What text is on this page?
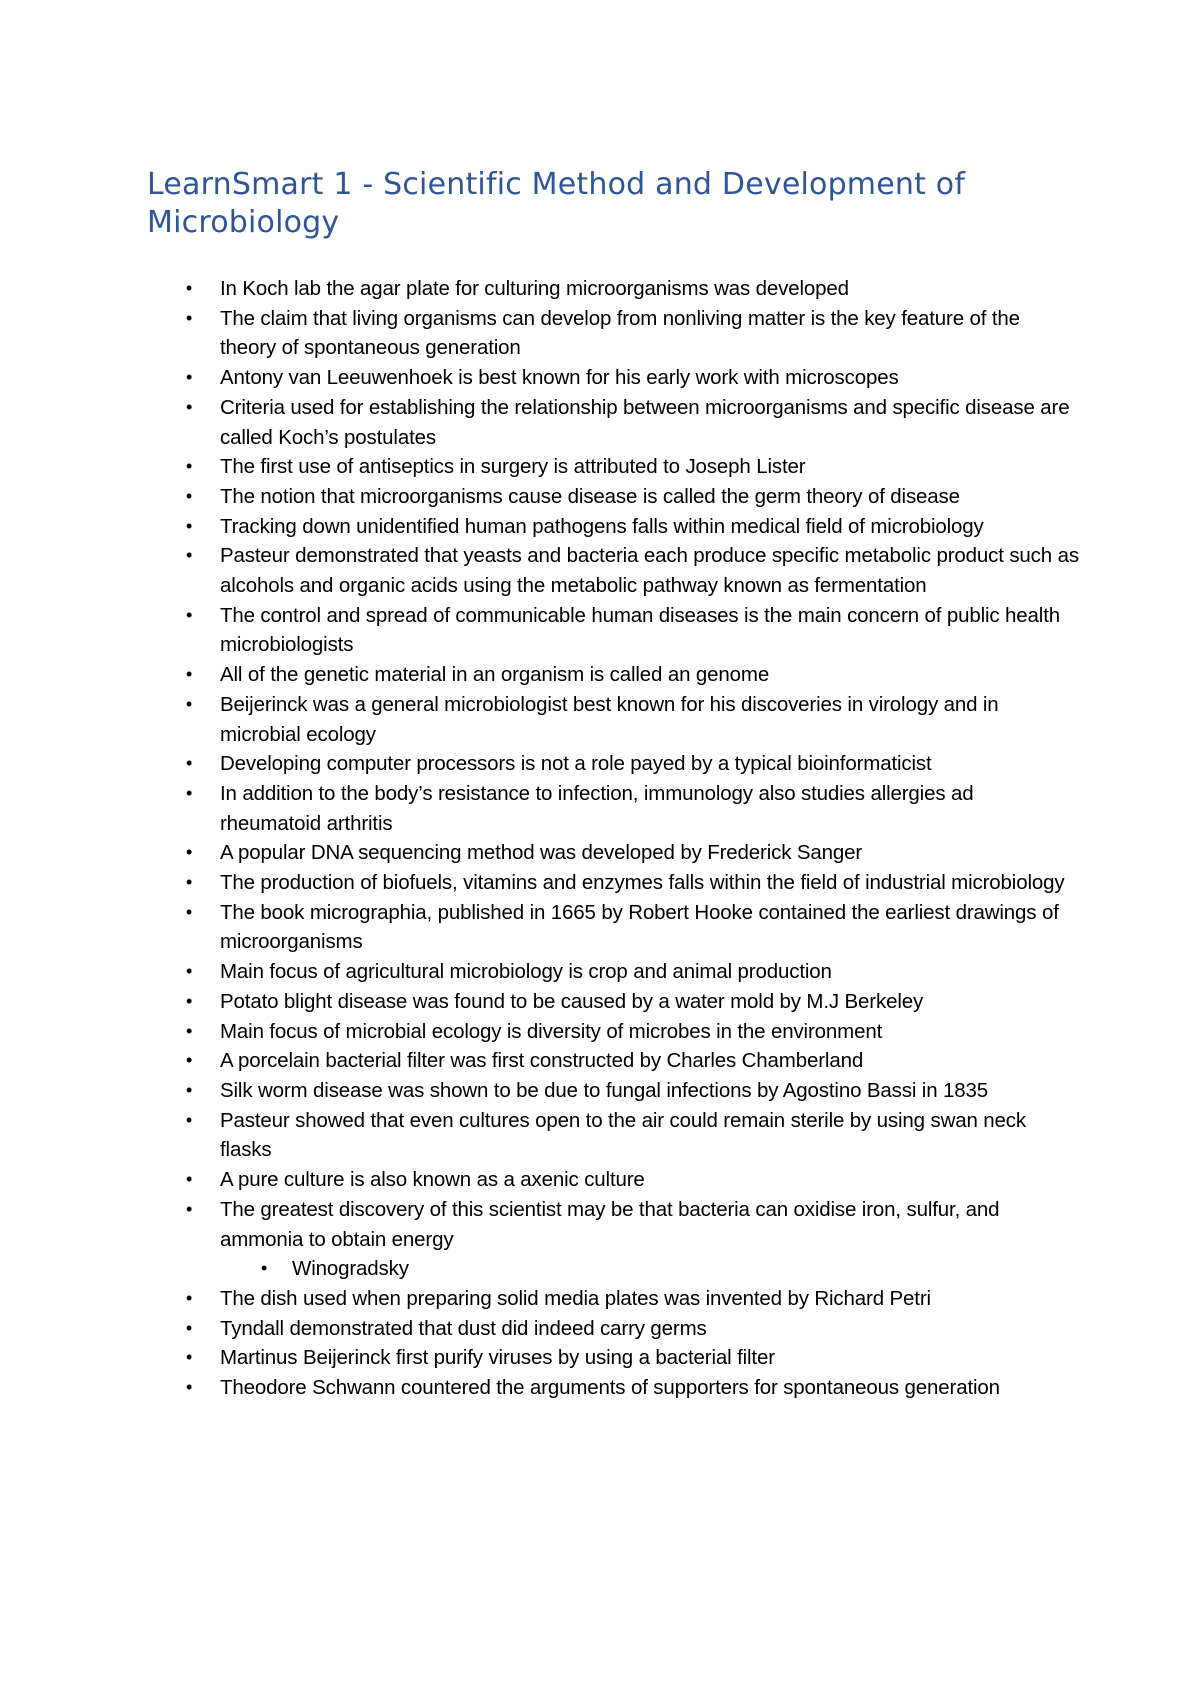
LearnSmart 1 - Scientific Method and Development of Microbiology
• In Koch lab the agar plate for culturing microorganisms was developed
• The claim that living organisms can develop from nonliving matter is the key feature of the theory of spontaneous generation
• Antony van Leeuwenhoek is best known for his early work with microscopes
• Criteria used for establishing the relationship between microorganisms and specific disease are called Koch’s postulates
• The first use of antiseptics in surgery is attributed to Joseph Lister
• The notion that microorganisms cause disease is called the germ theory of disease
• Tracking down unidentified human pathogens falls within medical field of microbiology
• Pasteur demonstrated that yeasts and bacteria each produce specific metabolic product such as alcohols and organic acids using the metabolic pathway known as fermentation
• The control and spread of communicable human diseases is the main concern of public health microbiologists
• All of the genetic material in an organism is called an genome
• Beijerinck was a general microbiologist best known for his discoveries in virology and in microbial ecology
• Developing computer processors is not a role payed by a typical bioinformaticist
• In addition to the body’s resistance to infection, immunology also studies allergies ad rheumatoid arthritis
• A popular DNA sequencing method was developed by Frederick Sanger
• The production of biofuels, vitamins and enzymes falls within the field of industrial microbiology
• The book micrographia, published in 1665 by Robert Hooke contained the earliest drawings of microorganisms
• Main focus of agricultural microbiology is crop and animal production
• Potato blight disease was found to be caused by a water mold by M.J Berkeley
• Main focus of microbial ecology is diversity of microbes in the environment
• A porcelain bacterial filter was first constructed by Charles Chamberland
• Silk worm disease was shown to be due to fungal infections by Agostino Bassi in 1835
• Pasteur showed that even cultures open to the air could remain sterile by using swan neck flasks
• A pure culture is also known as a axenic culture
• The greatest discovery of this scientist may be that bacteria can oxidise iron, sulfur, and ammonia to obtain energy
• Winogradsky
• The dish used when preparing solid media plates was invented by Richard Petri
• Tyndall demonstrated that dust did indeed carry germs
• Martinus Beijerinck first purify viruses by using a bacterial filter
• Theodore Schwann countered the arguments of supporters for spontaneous generation
